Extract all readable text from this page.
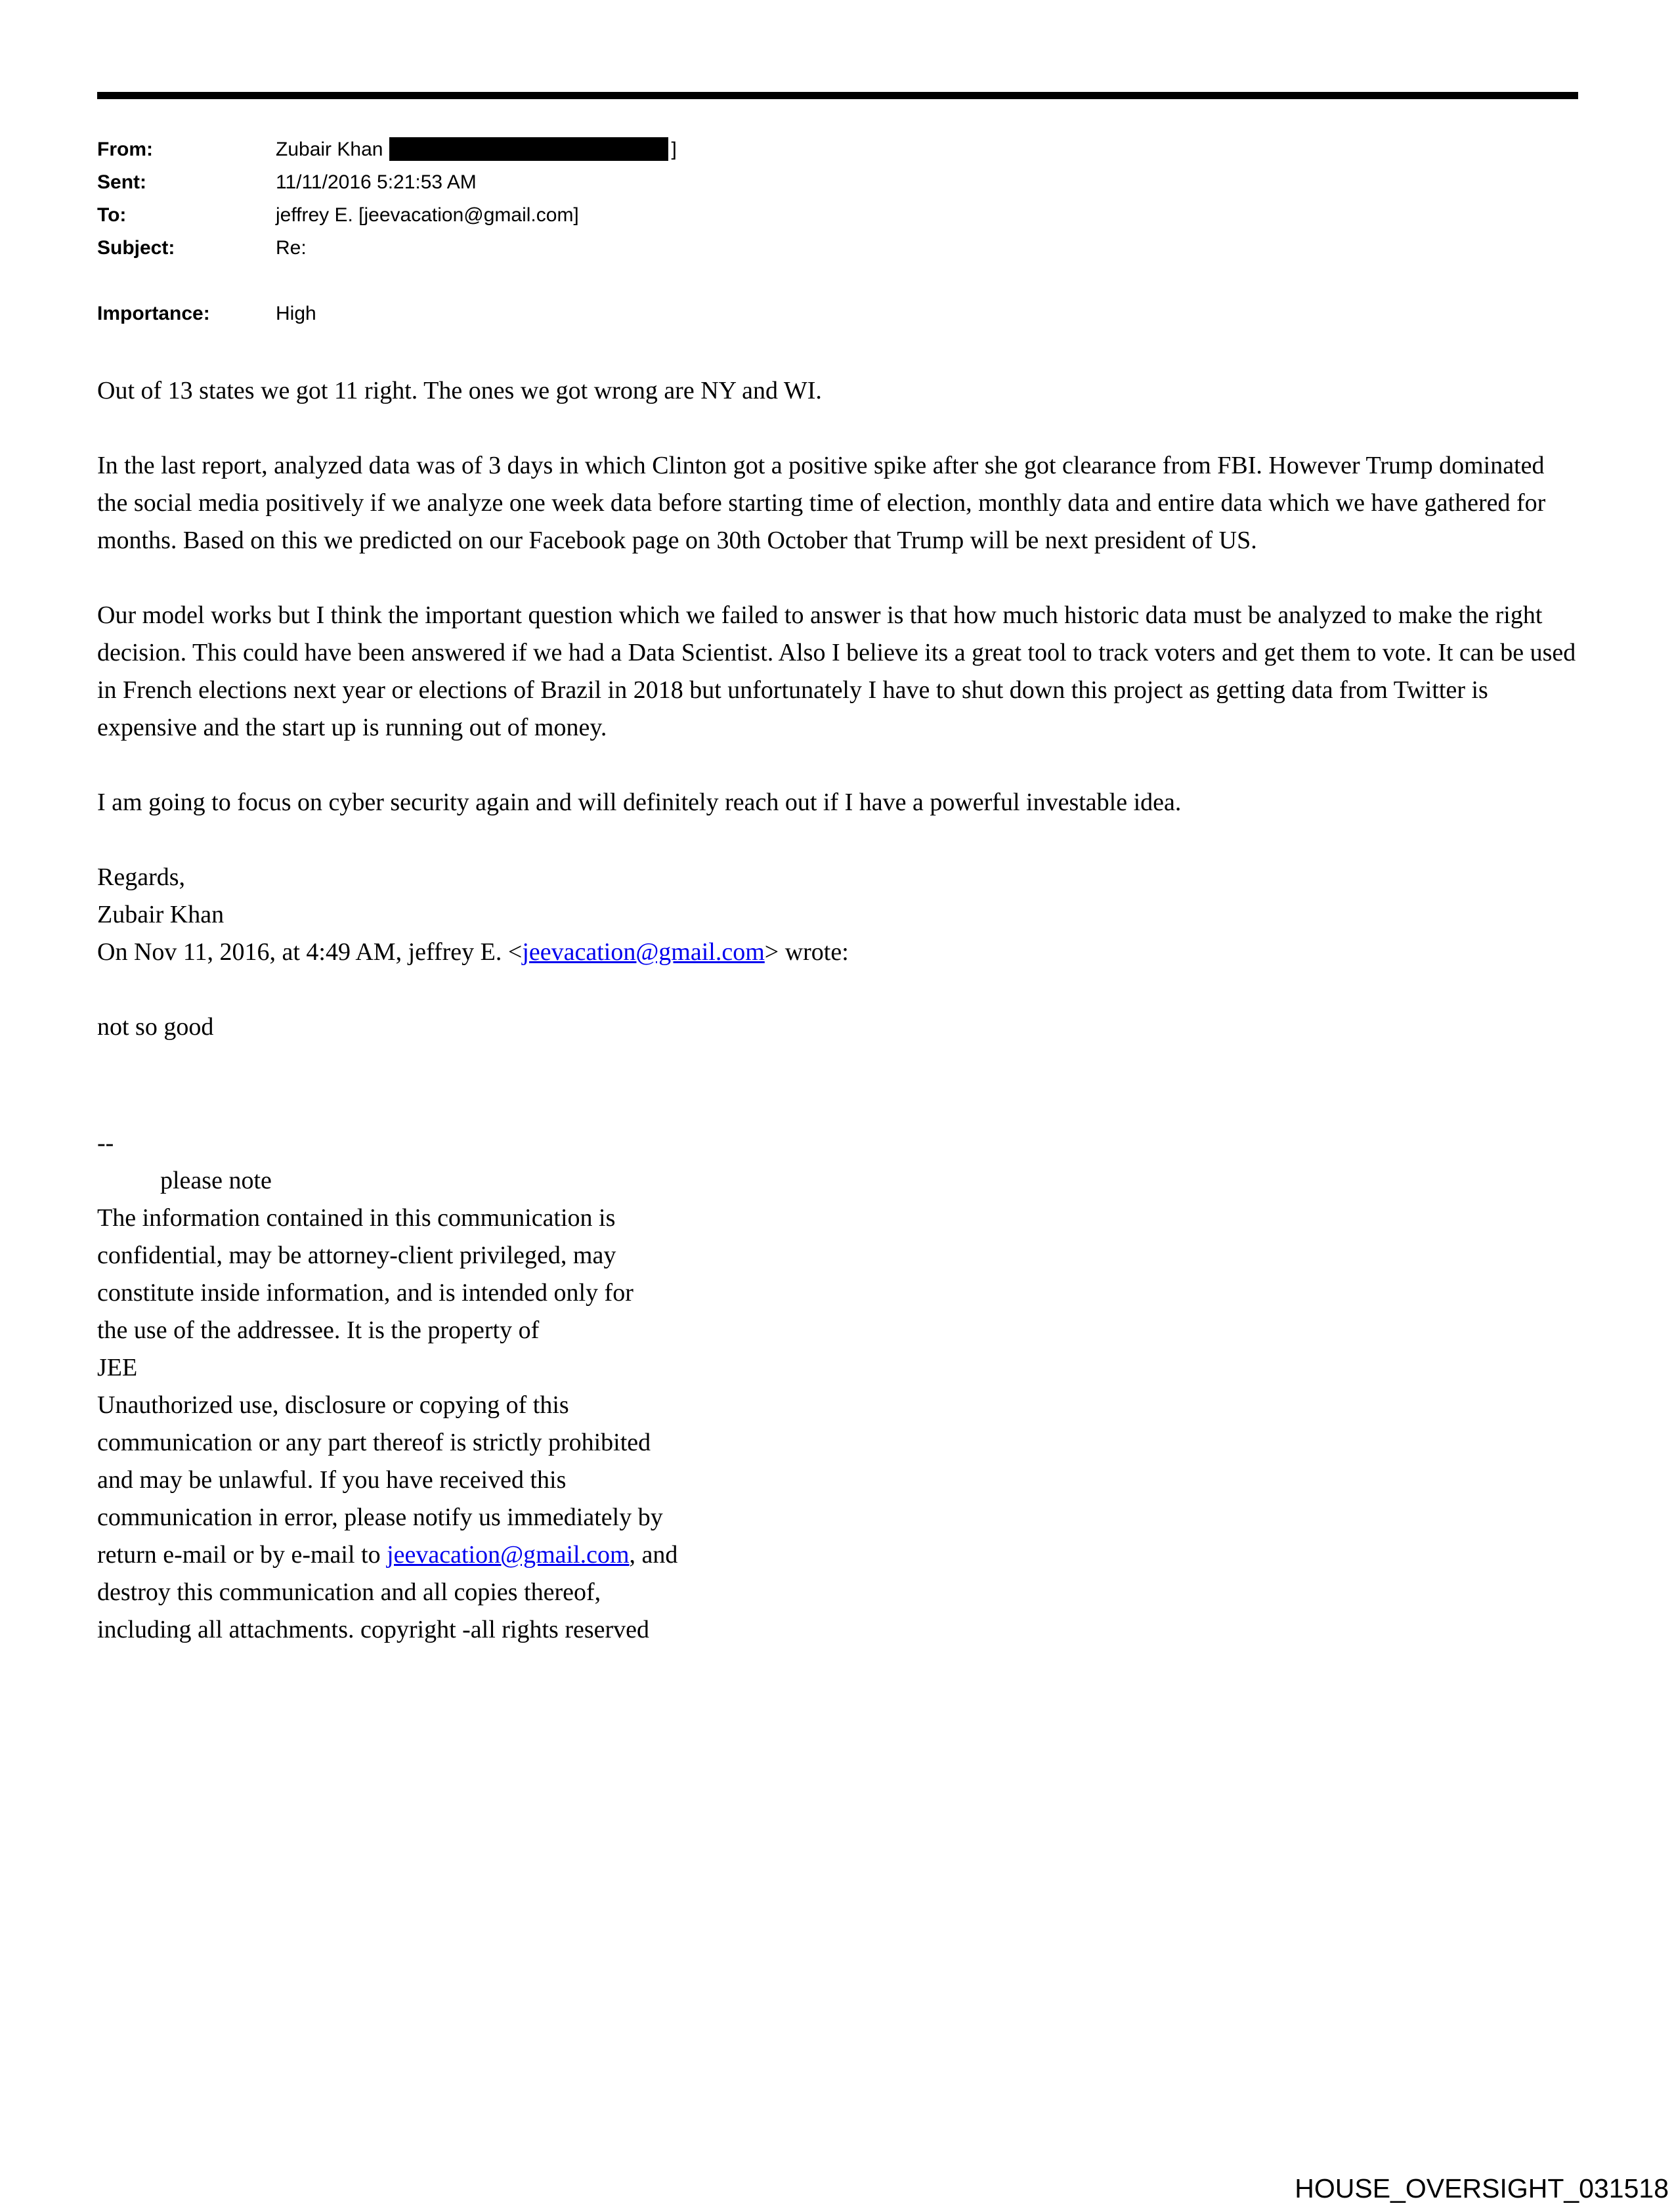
From:	Zubair Khan	]
Sent:	11/11/2016 5:21:53 AM
To:	jeffrey E. [jeevacation@gmail.com]
Subject:	Re:
Importance:	High

Out of 13 states we got 11 right. The ones we got wrong are NY and WI.

In the last report, analyzed data was of 3 days in which Clinton got a positive spike after she got clearance from FBI. However Trump dominated the social media positively if we analyze one week data before starting time of election, monthly data and entire data which we have gathered for months. Based on this we predicted on our Facebook page on 30th October that Trump will be next president of US.

Our model works but I think the important question which we failed to answer is that how much historic data must be analyzed to make the right decision. This could have been answered if we had a Data Scientist. Also I believe its a great tool to track voters and get them to vote. It can be used in French elections next year or elections of Brazil in 2018 but unfortunately I have to shut down this project as getting data from Twitter is expensive and the start up is running out of money.

I am going to focus on cyber security again and will definitely reach out if I have a powerful investable idea.

Regards,

Zubair Khan

On Nov 11, 2016, at 4:49 AM, jeffrey E. <jeevacation@gmail.com> wrote:

not so good

--
please note
The information contained in this communication is
confidential, may be attorney-client privileged, may
constitute inside information, and is intended only for
the use of the addressee. It is the property of
JEE
Unauthorized use, disclosure or copying of this
communication or any part thereof is strictly prohibited
and may be unlawful. If you have received this
communication in error, please notify us immediately by
return e-mail or by e-mail to jeevacation@gmail.com, and
destroy this communication and all copies thereof,
including all attachments. copyright -all rights reserved
HOUSE_OVERSIGHT_031518
